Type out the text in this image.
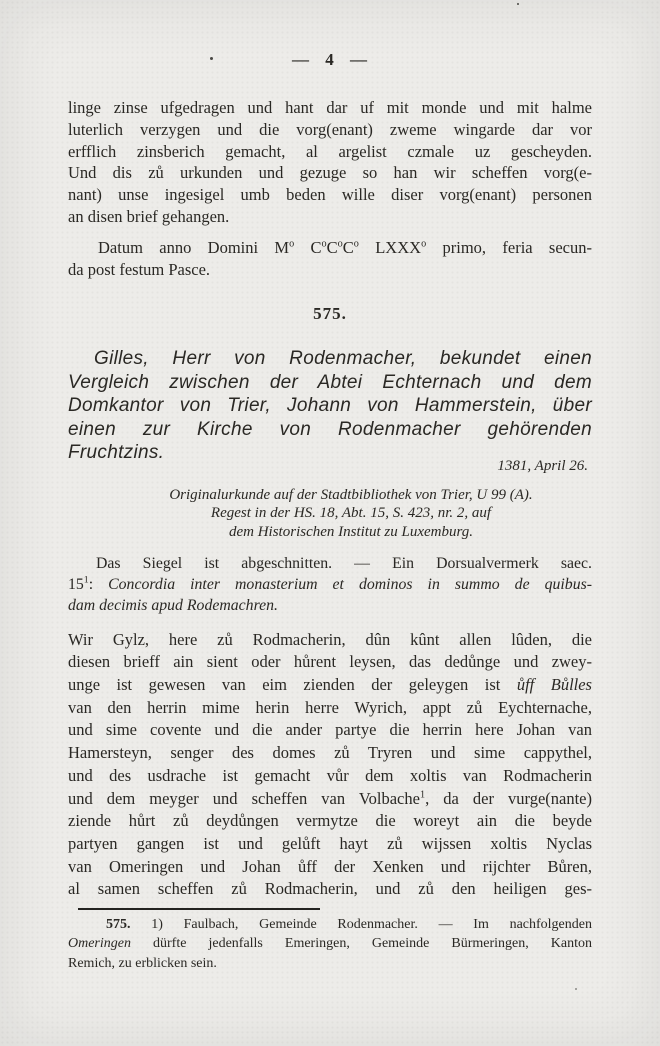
— 4 —
linge zinse ufgedragen und hant dar uf mit monde und mit halme
luterlich verzygen und die vorg(enant) zweme wingarde dar vor
erfflich zinsberich gemacht, al argelist czmale uz gescheyden.
Und dis zů urkunden und gezuge so han wir scheffen vorg(e-
nant) unse ingesigel umb beden wille diser vorg(enant) personen
an disen brief gehangen.
Datum anno Domini $M^o$ $C^oC^oC^o$ LXXX$^o$ primo, feria secun-
da post festum Pasce.
575.
Gilles, Herr von Rodenmacher, bekundet einen
Vergleich zwischen der Abtei Echternach und dem
Domkantor von Trier, Johann von Hammerstein, über
einen zur Kirche von Rodenmacher gehörenden
Fruchtzins.
1381, April 26.
Originalurkunde auf der Stadtbibliothek von Trier, U 99 (A).
Regest in der HS. 18, Abt. 15, S. 423, nr. 2, auf
dem Historischen Institut zu Luxemburg.
Das Siegel ist abgeschnitten. — Ein Dorsualvermerk saec.
$15^1$: Concordia inter monasterium et dominos in summo de quibus-
dam decimis apud Rodemachren.
Wir Gylz, here zů Rodmacherin, dûn kûnt allen lûden, die
diesen brieff ain sient oder hůrent leysen, das dedůnge und zwey-
unge ist gewesen van eim zienden der geleygen ist ůff Bůlles
van den herrin mime herin herre Wyrich, appt zů Eychternache,
und sime covente und die ander partye die herrin here Johan van
Hamersteyn, senger des domes zů Tryren und sime cappythel,
und des usdrache ist gemacht vůr dem xoltis van Rodmacherin
und dem meyger und scheffen van Volbache$^1$, da der vurge(nante)
ziende hůrt zů deydůngen vermytze die woreyt ain die beyde
partyen gangen ist und gelůft hayt zů wijssen xoltis Nyclas
van Omeringen und Johan ůff der Xenken und rijchter Bůren,
al samen scheffen zů Rodmacherin, und zů den heiligen ges-
575. 1) Faulbach, Gemeinde Rodenmacher. — Im nachfolgenden
Omeringen dürfte jedenfalls Emeringen, Gemeinde Bürmeringen, Kanton
Remich, zu erblicken sein.
